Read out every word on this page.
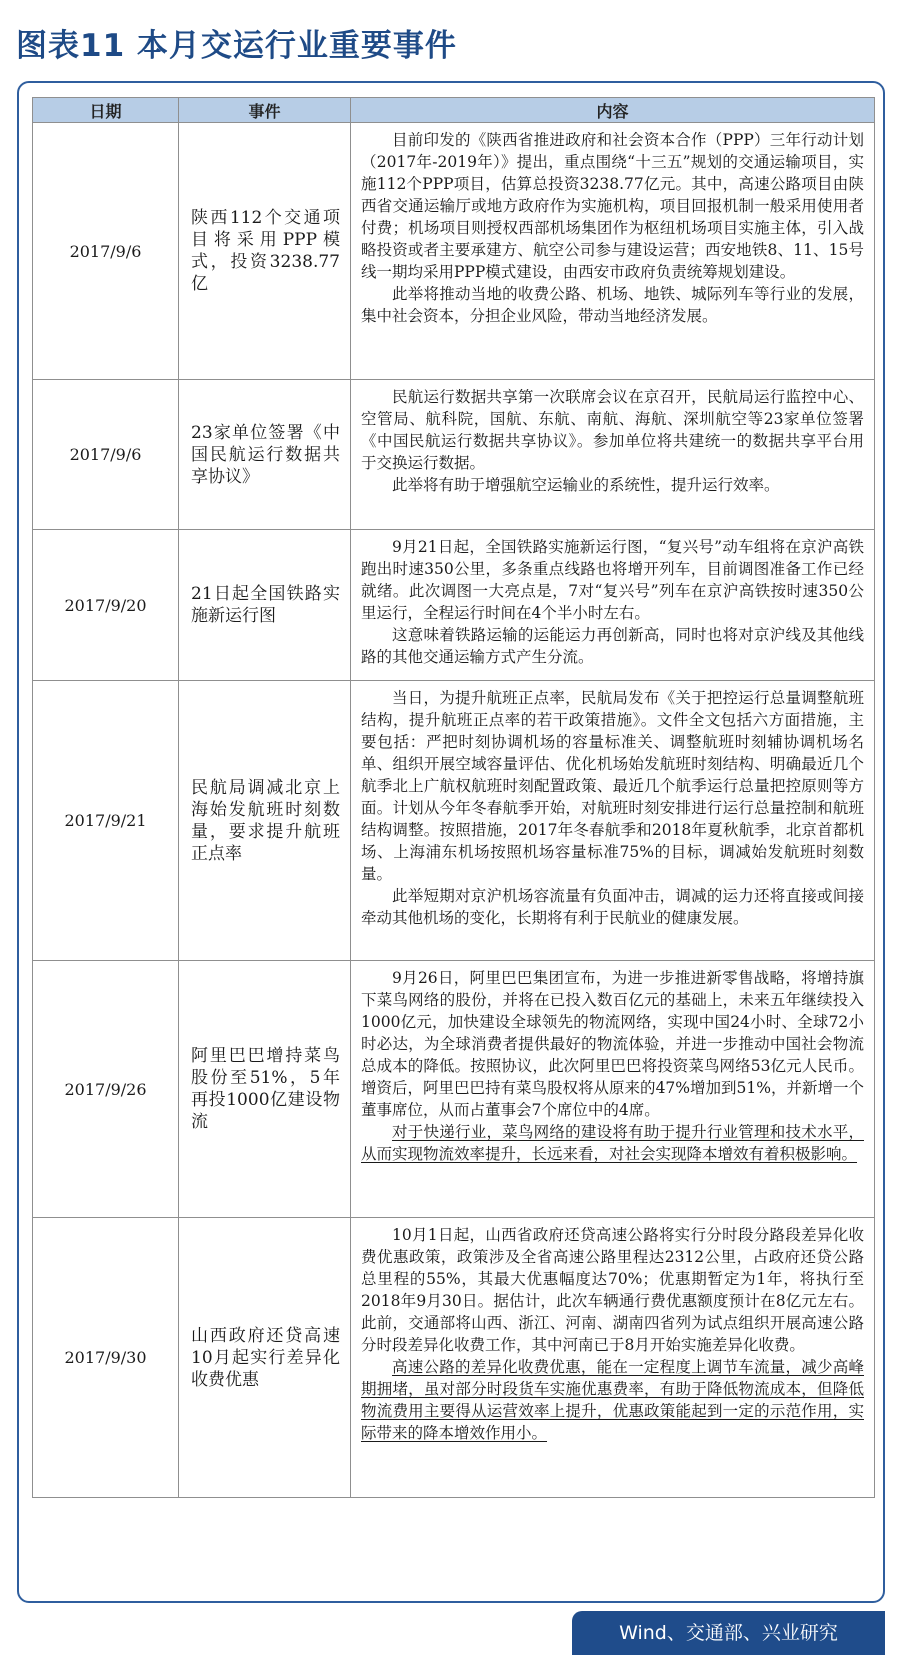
图表11 本月交运行业重要事件
日期	事件	内容
2017/9/6	陕西112个交通项目将采用PPP模式，投资3238.77亿	目前印发的《陕西省推进政府和社会资本合作（PPP）三年行动计划（2017年-2019年）》提出，重点围绕“十三五”规划的交通运输项目，实施112个PPP项目，估算总投资3238.77亿元。其中，高速公路项目由陕西省交通运输厅或地方政府作为实施机构，项目回报机制一般采用使用者付费；机场项目则授权西部机场集团作为枢纽机场项目实施主体，引入战略投资或者主要承建方、航空公司参与建设运营；西安地铁8、11、15号线一期均采用PPP模式建设，由西安市政府负责统筹规划建设。

此举将推动当地的收费公路、机场、地铁、城际列车等行业的发展，集中社会资本，分担企业风险，带动当地经济发展。

2017/9/6	23家单位签署《中国民航运行数据共享协议》	民航运行数据共享第一次联席会议在京召开，民航局运行监控中心、空管局、航科院，国航、东航、南航、海航、深圳航空等23家单位签署《中国民航运行数据共享协议》。参加单位将共建统一的数据共享平台用于交换运行数据。

此举将有助于增强航空运输业的系统性，提升运行效率。

2017/9/20	21日起全国铁路实施新运行图	9月21日起，全国铁路实施新运行图，“复兴号”动车组将在京沪高铁跑出时速350公里，多条重点线路也将增开列车，目前调图准备工作已经就绪。此次调图一大亮点是，7对“复兴号”列车在京沪高铁按时速350公里运行，全程运行时间在4个半小时左右。

这意味着铁路运输的运能运力再创新高，同时也将对京沪线及其他线路的其他交通运输方式产生分流。

2017/9/21	民航局调减北京上海始发航班时刻数量，要求提升航班正点率	当日，为提升航班正点率，民航局发布《关于把控运行总量调整航班结构，提升航班正点率的若干政策措施》。文件全文包括六方面措施，主要包括：严把时刻协调机场的容量标准关、调整航班时刻辅协调机场名单、组织开展空域容量评估、优化机场始发航班时刻结构、明确最近几个航季北上广航权航班时刻配置政策、最近几个航季运行总量把控原则等方面。计划从今年冬春航季开始，对航班时刻安排进行运行总量控制和航班结构调整。按照措施，2017年冬春航季和2018年夏秋航季，北京首都机场、上海浦东机场按照机场容量标准75%的目标，调减始发航班时刻数量。

此举短期对京沪机场容流量有负面冲击，调减的运力还将直接或间接牵动其他机场的变化，长期将有利于民航业的健康发展。

2017/9/26	阿里巴巴增持菜鸟股份至51%，5年再投1000亿建设物流	9月26日，阿里巴巴集团宣布，为进一步推进新零售战略，将增持旗下菜鸟网络的股份，并将在已投入数百亿元的基础上，未来五年继续投入1000亿元，加快建设全球领先的物流网络，实现中国24小时、全球72小时必达，为全球消费者提供最好的物流体验，并进一步推动中国社会物流总成本的降低。按照协议，此次阿里巴巴将投资菜鸟网络53亿元人民币。增资后，阿里巴巴持有菜鸟股权将从原来的47%增加到51%，并新增一个董事席位，从而占董事会7个席位中的4席。

对于快递行业，菜鸟网络的建设将有助于提升行业管理和技术水平，从而实现物流效率提升，长远来看，对社会实现降本增效有着积极影响。

2017/9/30	山西政府还贷高速10月起实行差异化收费优惠	10月1日起，山西省政府还贷高速公路将实行分时段分路段差异化收费优惠政策，政策涉及全省高速公路里程达2312公里，占政府还贷公路总里程的55%，其最大优惠幅度达70%；优惠期暂定为1年，将执行至2018年9月30日。据估计，此次车辆通行费优惠额度预计在8亿元左右。此前，交通部将山西、浙江、河南、湖南四省列为试点组织开展高速公路分时段差异化收费工作，其中河南已于8月开始实施差异化收费。

高速公路的差异化收费优惠，能在一定程度上调节车流量，减少高峰期拥堵，虽对部分时段货车实施优惠费率，有助于降低物流成本，但降低物流费用主要得从运营效率上提升，优惠政策能起到一定的示范作用，实际带来的降本增效作用小。

Wind、交通部、兴业研究
